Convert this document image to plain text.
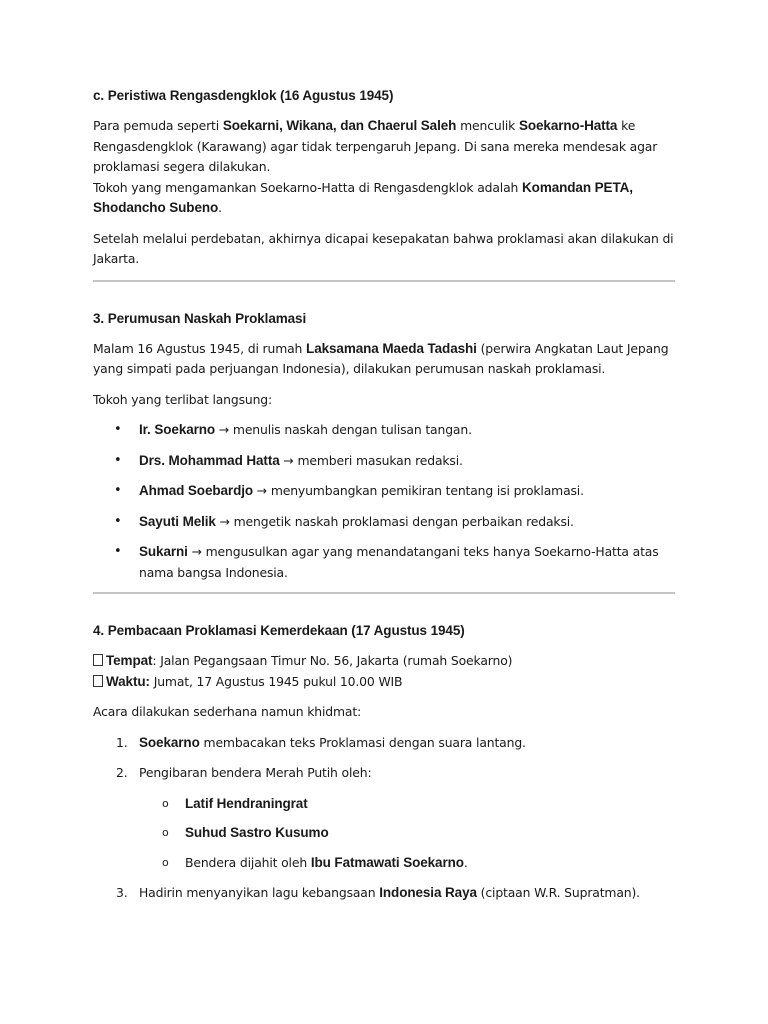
c. Peristiwa Rengasdengklok (16 Agustus 1945)

Para pemuda seperti Soekarni, Wikana, dan Chaerul Saleh menculik Soekarno-Hatta ke Rengasdengklok (Karawang) agar tidak terpengaruh Jepang. Di sana mereka mendesak agar proklamasi segera dilakukan.

Tokoh yang mengamankan Soekarno-Hatta di Rengasdengklok adalah Komandan PETA, Shodancho Subeno.

Setelah melalui perdebatan, akhirnya dicapai kesepakatan bahwa proklamasi akan dilakukan di Jakarta.

3. Perumusan Naskah Proklamasi

Malam 16 Agustus 1945, di rumah Laksamana Maeda Tadashi (perwira Angkatan Laut Jepang yang simpati pada perjuangan Indonesia), dilakukan perumusan naskah proklamasi.

Tokoh yang terlibat langsung:

• Ir. Soekarno → menulis naskah dengan tulisan tangan.
• Drs. Mohammad Hatta → memberi masukan redaksi.
• Ahmad Soebardjo → menyumbangkan pemikiran tentang isi proklamasi.
• Sayuti Melik → mengetik naskah proklamasi dengan perbaikan redaksi.
• Sukarni → mengusulkan agar yang menandatangani teks hanya Soekarno-Hatta atas nama bangsa Indonesia.

4. Pembacaan Proklamasi Kemerdekaan (17 Agustus 1945)

Tempat: Jalan Pegangsaan Timur No. 56, Jakarta (rumah Soekarno)

Waktu: Jumat, 17 Agustus 1945 pukul 10.00 WIB

Acara dilakukan sederhana namun khidmat:

1. Soekarno membacakan teks Proklamasi dengan suara lantang.
2. Pengibaran bendera Merah Putih oleh:
o Latif Hendraningrat
o Suhud Sastro Kusumo
o Bendera dijahit oleh Ibu Fatmawati Soekarno.
3. Hadirin menyanyikan lagu kebangsaan Indonesia Raya (ciptaan W.R. Supratman).
